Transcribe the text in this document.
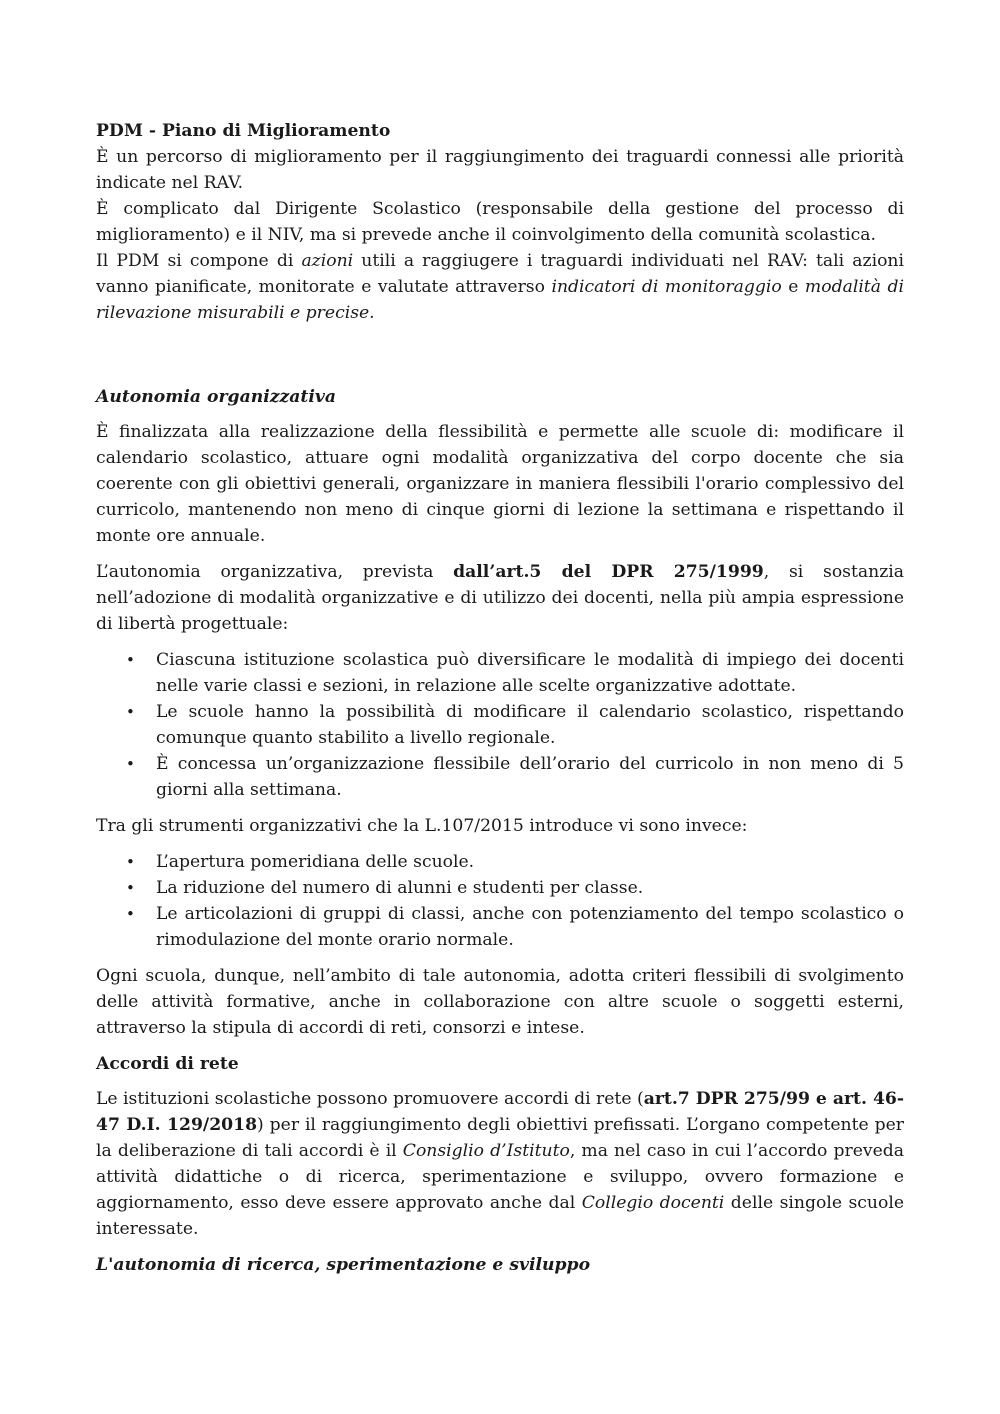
PDM - Piano di Miglioramento

È un percorso di miglioramento per il raggiungimento dei traguardi connessi alle priorità indicate nel RAV.

È complicato dal Dirigente Scolastico (responsabile della gestione del processo di miglioramento) e il NIV, ma si prevede anche il coinvolgimento della comunità scolastica.

Il PDM si compone di azioni utili a raggiugere i traguardi individuati nel RAV: tali azioni vanno pianificate, monitorate e valutate attraverso indicatori di monitoraggio e modalità di rilevazione misurabili e precise.

Autonomia organizzativa

È finalizzata alla realizzazione della flessibilità e permette alle scuole di: modificare il calendario scolastico, attuare ogni modalità organizzativa del corpo docente che sia coerente con gli obiettivi generali, organizzare in maniera flessibili l'orario complessivo del curricolo, mantenendo non meno di cinque giorni di lezione la settimana e rispettando il monte ore annuale.

L’autonomia organizzativa, prevista dall’art.5 del DPR 275/1999, si sostanzia nell’adozione di modalità organizzative e di utilizzo dei docenti, nella più ampia espressione di libertà progettuale:

• Ciascuna istituzione scolastica può diversificare le modalità di impiego dei docenti nelle varie classi e sezioni, in relazione alle scelte organizzative adottate.
• Le scuole hanno la possibilità di modificare il calendario scolastico, rispettando comunque quanto stabilito a livello regionale.
• È concessa un’organizzazione flessibile dell’orario del curricolo in non meno di 5 giorni alla settimana.

Tra gli strumenti organizzativi che la L.107/2015 introduce vi sono invece:

• L’apertura pomeridiana delle scuole.
• La riduzione del numero di alunni e studenti per classe.
• Le articolazioni di gruppi di classi, anche con potenziamento del tempo scolastico o rimodulazione del monte orario normale.

Ogni scuola, dunque, nell’ambito di tale autonomia, adotta criteri flessibili di svolgimento delle attività formative, anche in collaborazione con altre scuole o soggetti esterni, attraverso la stipula di accordi di reti, consorzi e intese.

Accordi di rete

Le istituzioni scolastiche possono promuovere accordi di rete (art.7 DPR 275/99 e art. 46-47 D.I. 129/2018) per il raggiungimento degli obiettivi prefissati. L’organo competente per la deliberazione di tali accordi è il Consiglio d’Istituto, ma nel caso in cui l’accordo preveda attività didattiche o di ricerca, sperimentazione e sviluppo, ovvero formazione e aggiornamento, esso deve essere approvato anche dal Collegio docenti delle singole scuole interessate.

L'autonomia di ricerca, sperimentazione e sviluppo
